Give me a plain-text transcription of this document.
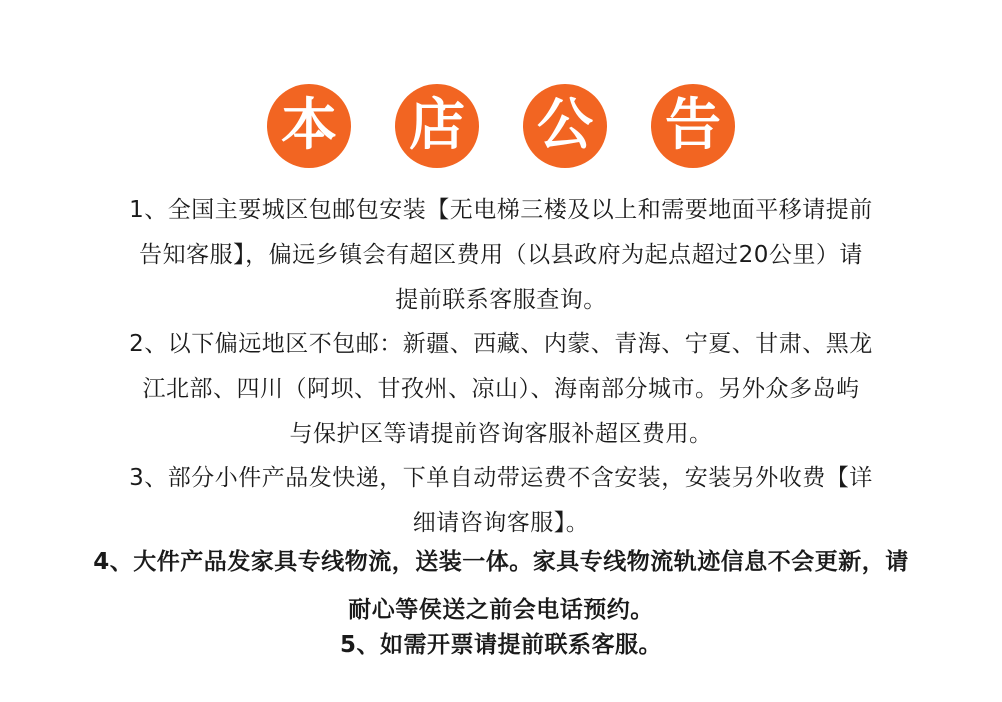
本 店 公 告
1、全国主要城区包邮包安装【无电梯三楼及以上和需要地面平移请提前
告知客服】，偏远乡镇会有超区费用（以县政府为起点超过20公里）请
提前联系客服查询。
2、以下偏远地区不包邮：新疆、西藏、内蒙、青海、宁夏、甘肃、黑龙
江北部、四川（阿坝、甘孜州、凉山）、海南部分城市。另外众多岛屿
与保护区等请提前咨询客服补超区费用。
3、部分小件产品发快递，下单自动带运费不含安装，安装另外收费【详
细请咨询客服】。
4、大件产品发家具专线物流，送装一体。家具专线物流轨迹信息不会更新，请
耐心等侯送之前会电话预约。
5、如需开票请提前联系客服。
